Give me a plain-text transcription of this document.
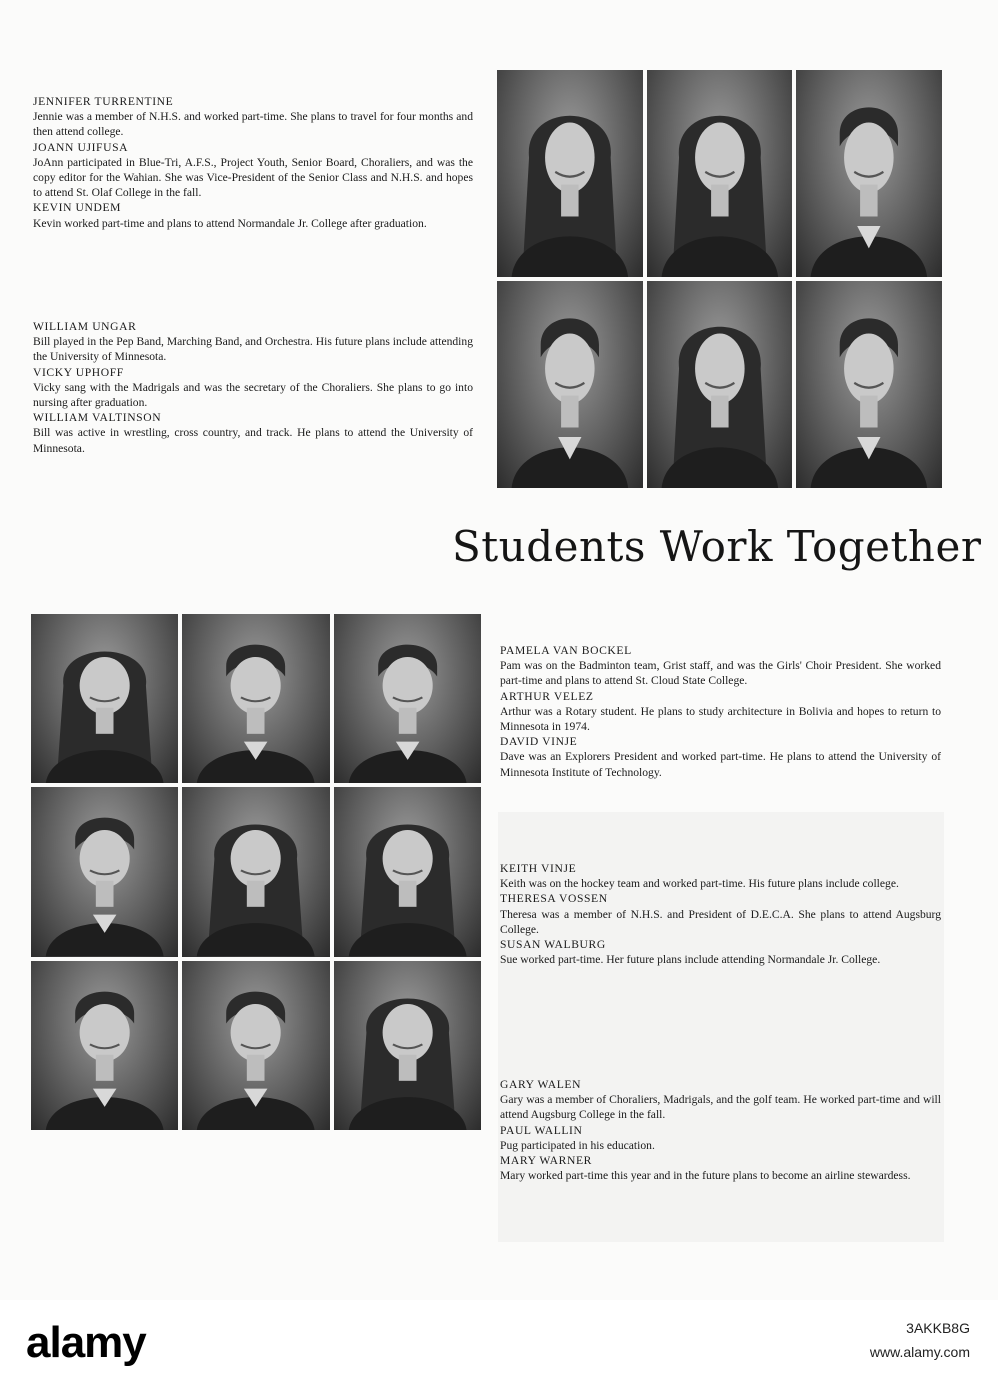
JENNIFER TURRENTINE
Jennie was a member of N.H.S. and worked part-time. She plans to travel for four months and then attend college.
JOANN UJIFUSA
JoAnn participated in Blue-Tri, A.F.S., Project Youth, Senior Board, Choraliers, and was the copy editor for the Wahian. She was Vice-President of the Senior Class and N.H.S. and hopes to attend St. Olaf College in the fall.
KEVIN UNDEM
Kevin worked part-time and plans to attend Normandale Jr. College after graduation.
WILLIAM UNGAR
Bill played in the Pep Band, Marching Band, and Orchestra. His future plans include attending the University of Minnesota.
VICKY UPHOFF
Vicky sang with the Madrigals and was the secretary of the Choraliers. She plans to go into nursing after graduation.
WILLIAM VALTINSON
Bill was active in wrestling, cross country, and track. He plans to attend the University of Minnesota.
Students Work Together
PAMELA VAN BOCKEL
Pam was on the Badminton team, Grist staff, and was the Girls' Choir President. She worked part-time and plans to attend St. Cloud State College.
ARTHUR VELEZ
Arthur was a Rotary student. He plans to study architecture in Bolivia and hopes to return to Minnesota in 1974.
DAVID VINJE
Dave was an Explorers President and worked part-time. He plans to attend the University of Minnesota Institute of Technology.
KEITH VINJE
Keith was on the hockey team and worked part-time. His future plans include college.
THERESA VOSSEN
Theresa was a member of N.H.S. and President of D.E.C.A. She plans to attend Augsburg College.
SUSAN WALBURG
Sue worked part-time. Her future plans include attending Normandale Jr. College.
GARY WALEN
Gary was a member of Choraliers, Madrigals, and the golf team. He worked part-time and will attend Augsburg College in the fall.
PAUL WALLIN
Pug participated in his education.
MARY WARNER
Mary worked part-time this year and in the future plans to become an airline stewardess.
alamy	3AKKB8G
www.alamy.com
